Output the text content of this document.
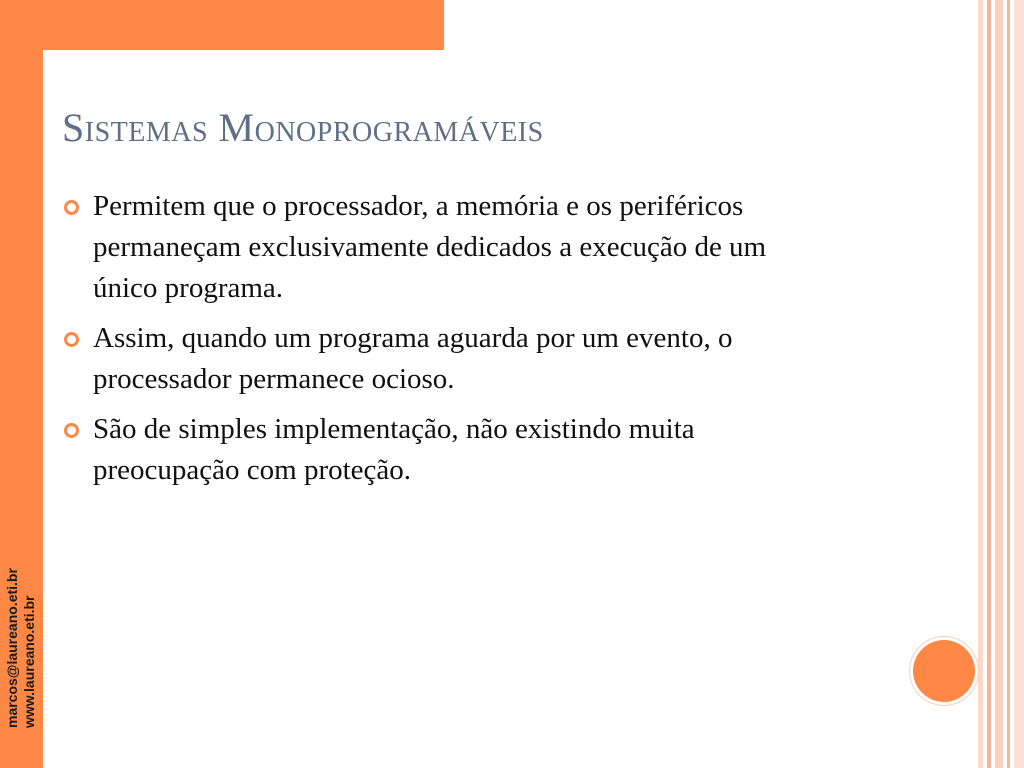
marcos@laureano.eti.br www.laureano.eti.br
Sistemas Monoprogramáveis
Permitem que o processador, a memória e os periféricos permaneçam exclusivamente dedicados a execução de um único programa.
Assim, quando um programa aguarda por um evento, o processador permanece ocioso.
São de simples implementação, não existindo muita preocupação com proteção.
